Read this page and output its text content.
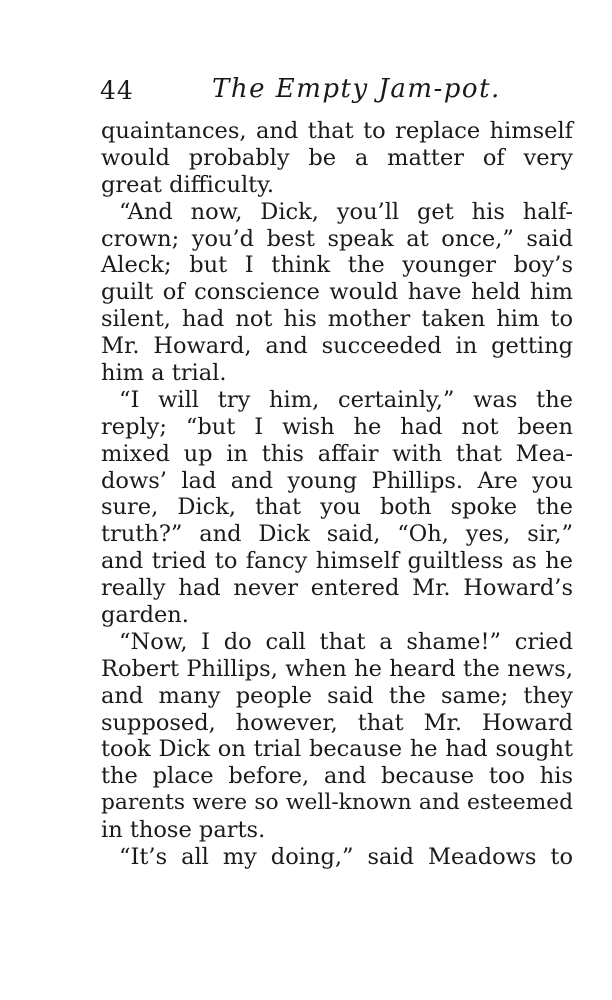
44	The Empty Jam-pot.
quaintances, and that to replace himself
would probably be a matter of very
great difficulty.
“And now, Dick, you’ll get his half-
crown; you’d best speak at once,” said
Aleck; but I think the younger boy’s
guilt of conscience would have held him
silent, had not his mother taken him to
Mr. Howard, and succeeded in getting
him a trial.
“I will try him, certainly,” was the
reply; “but I wish he had not been
mixed up in this affair with that Mea-
dows’ lad and young Phillips. Are you
sure, Dick, that you both spoke the
truth?” and Dick said, “Oh, yes, sir,”
and tried to fancy himself guiltless as he
really had never entered Mr. Howard’s
garden.
“Now, I do call that a shame!” cried
Robert Phillips, when he heard the news,
and many people said the same; they
supposed, however, that Mr. Howard
took Dick on trial because he had sought
the place before, and because too his
parents were so well-known and esteemed
in those parts.
“It’s all my doing,” said Meadows to
